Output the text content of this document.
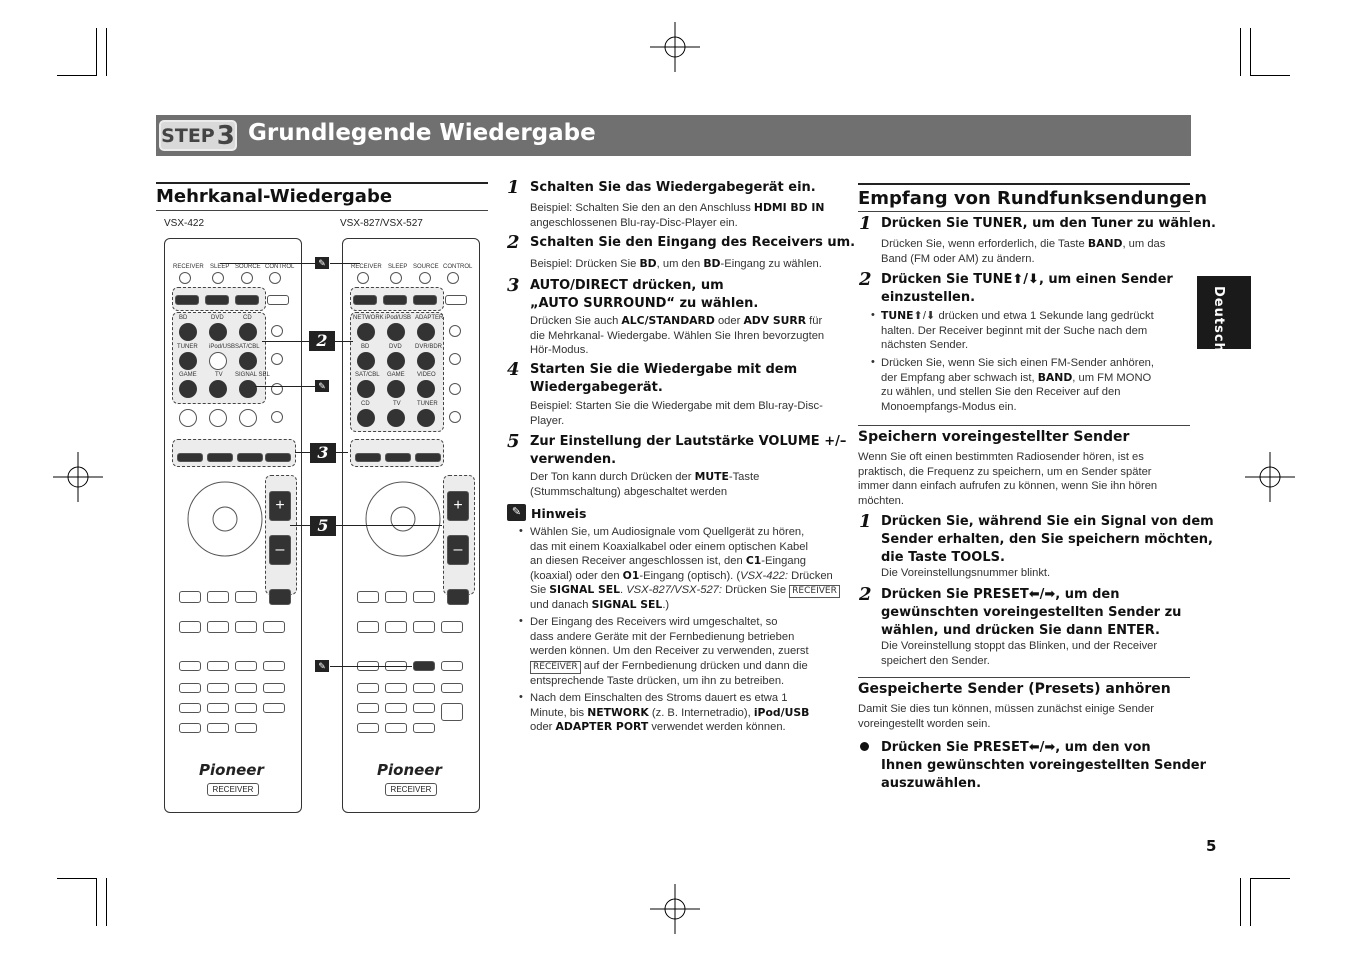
STEP 3 Grundlegende Wiedergabe
Mehrkanal-Wiedergabe
VSX-422	VSX-827/VSX-527
RECEIVER SLEEP SOURCE CONTROL
BD	DVD	CD
TUNER iPod/USB SAT/CBL
GAME	TV SIGNAL SEL
+
–
Pioneer
RECEIVER
RECEIVER SLEEP SOURCE CONTROL
NETWORK iPod/USB ADAPTER
BD	DVD DVR/BDR
SAT/CBL GAME VIDEO
CD	TV	TUNER
+
–
Pioneer
RECEIVER
✎
2
✎
3
5
✎
1 Schalten Sie das Wiedergabegerät ein.
Beispiel: Schalten Sie den an den Anschluss HDMI BD IN
angeschlossenen Blu-ray-Disc-Player ein.
2 Schalten Sie den Eingang des Receivers um.
Beispiel: Drücken Sie BD, um den BD-Eingang zu wählen.
3 AUTO/DIRECT drücken, um
„AUTO SURROUND“ zu wählen.
Drücken Sie auch ALC/STANDARD oder ADV SURR für
die Mehrkanal- Wiedergabe. Wählen Sie Ihren bevorzugten
Hör-Modus.
4 Starten Sie die Wiedergabe mit dem
Wiedergabegerät.
Beispiel: Starten Sie die Wiedergabe mit dem Blu-ray-Disc-
Player.
5 Zur Einstellung der Lautstärke VOLUME +/–
verwenden.
Der Ton kann durch Drücken der MUTE-Taste
(Stummschaltung) abgeschaltet werden
✎ Hinweis
• Wählen Sie, um Audiosignale vom Quellgerät zu hören,
das mit einem Koaxialkabel oder einem optischen Kabel
an diesen Receiver angeschlossen ist, den C1-Eingang
(koaxial) oder den O1-Eingang (optisch). (VSX-422: Drücken
Sie SIGNAL SEL. VSX-827/VSX-527: Drücken Sie RECEIVER
und danach SIGNAL SEL.)
• Der Eingang des Receivers wird umgeschaltet, so
dass andere Geräte mit der Fernbedienung betrieben
werden können. Um den Receiver zu verwenden, zuerst
RECEIVER auf der Fernbedienung drücken und dann die
entsprechende Taste drücken, um ihn zu betreiben.
• Nach dem Einschalten des Stroms dauert es etwa 1
Minute, bis NETWORK (z. B. Internetradio), iPod/USB
oder ADAPTER PORT verwendet werden können.
Empfang von Rundfunksendungen
1 Drücken Sie TUNER, um den Tuner zu wählen.
Drücken Sie, wenn erforderlich, die Taste BAND, um das
Band (FM oder AM) zu ändern.
2 Drücken Sie TUNE⬆/⬇, um einen Sender
einzustellen.
• TUNE⬆/⬇ drücken und etwa 1 Sekunde lang gedrückt
halten. Der Receiver beginnt mit der Suche nach dem
nächsten Sender.
• Drücken Sie, wenn Sie sich einen FM-Sender anhören,
der Empfang aber schwach ist, BAND, um FM MONO
zu wählen, und stellen Sie den Receiver auf den
Monoempfangs-Modus ein.
Speichern voreingestellter Sender
Wenn Sie oft einen bestimmten Radiosender hören, ist es
praktisch, die Frequenz zu speichern, um en Sender später
immer dann einfach aufrufen zu können, wenn Sie ihn hören
möchten.
1 Drücken Sie, während Sie ein Signal von dem
Sender erhalten, den Sie speichern möchten,
die Taste TOOLS.
Die Voreinstellungsnummer blinkt.
2 Drücken Sie PRESET⬅/➡, um den
gewünschten voreingestellten Sender zu
wählen, und drücken Sie dann ENTER.
Die Voreinstellung stoppt das Blinken, und der Receiver
speichert den Sender.
Gespeicherte Sender (Presets) anhören
Damit Sie dies tun können, müssen zunächst einige Sender
voreingestellt worden sein.
Drücken Sie PRESET⬅/➡, um den von
Ihnen gewünschten voreingestellten Sender
auszuwählen.
Deutsch
5
